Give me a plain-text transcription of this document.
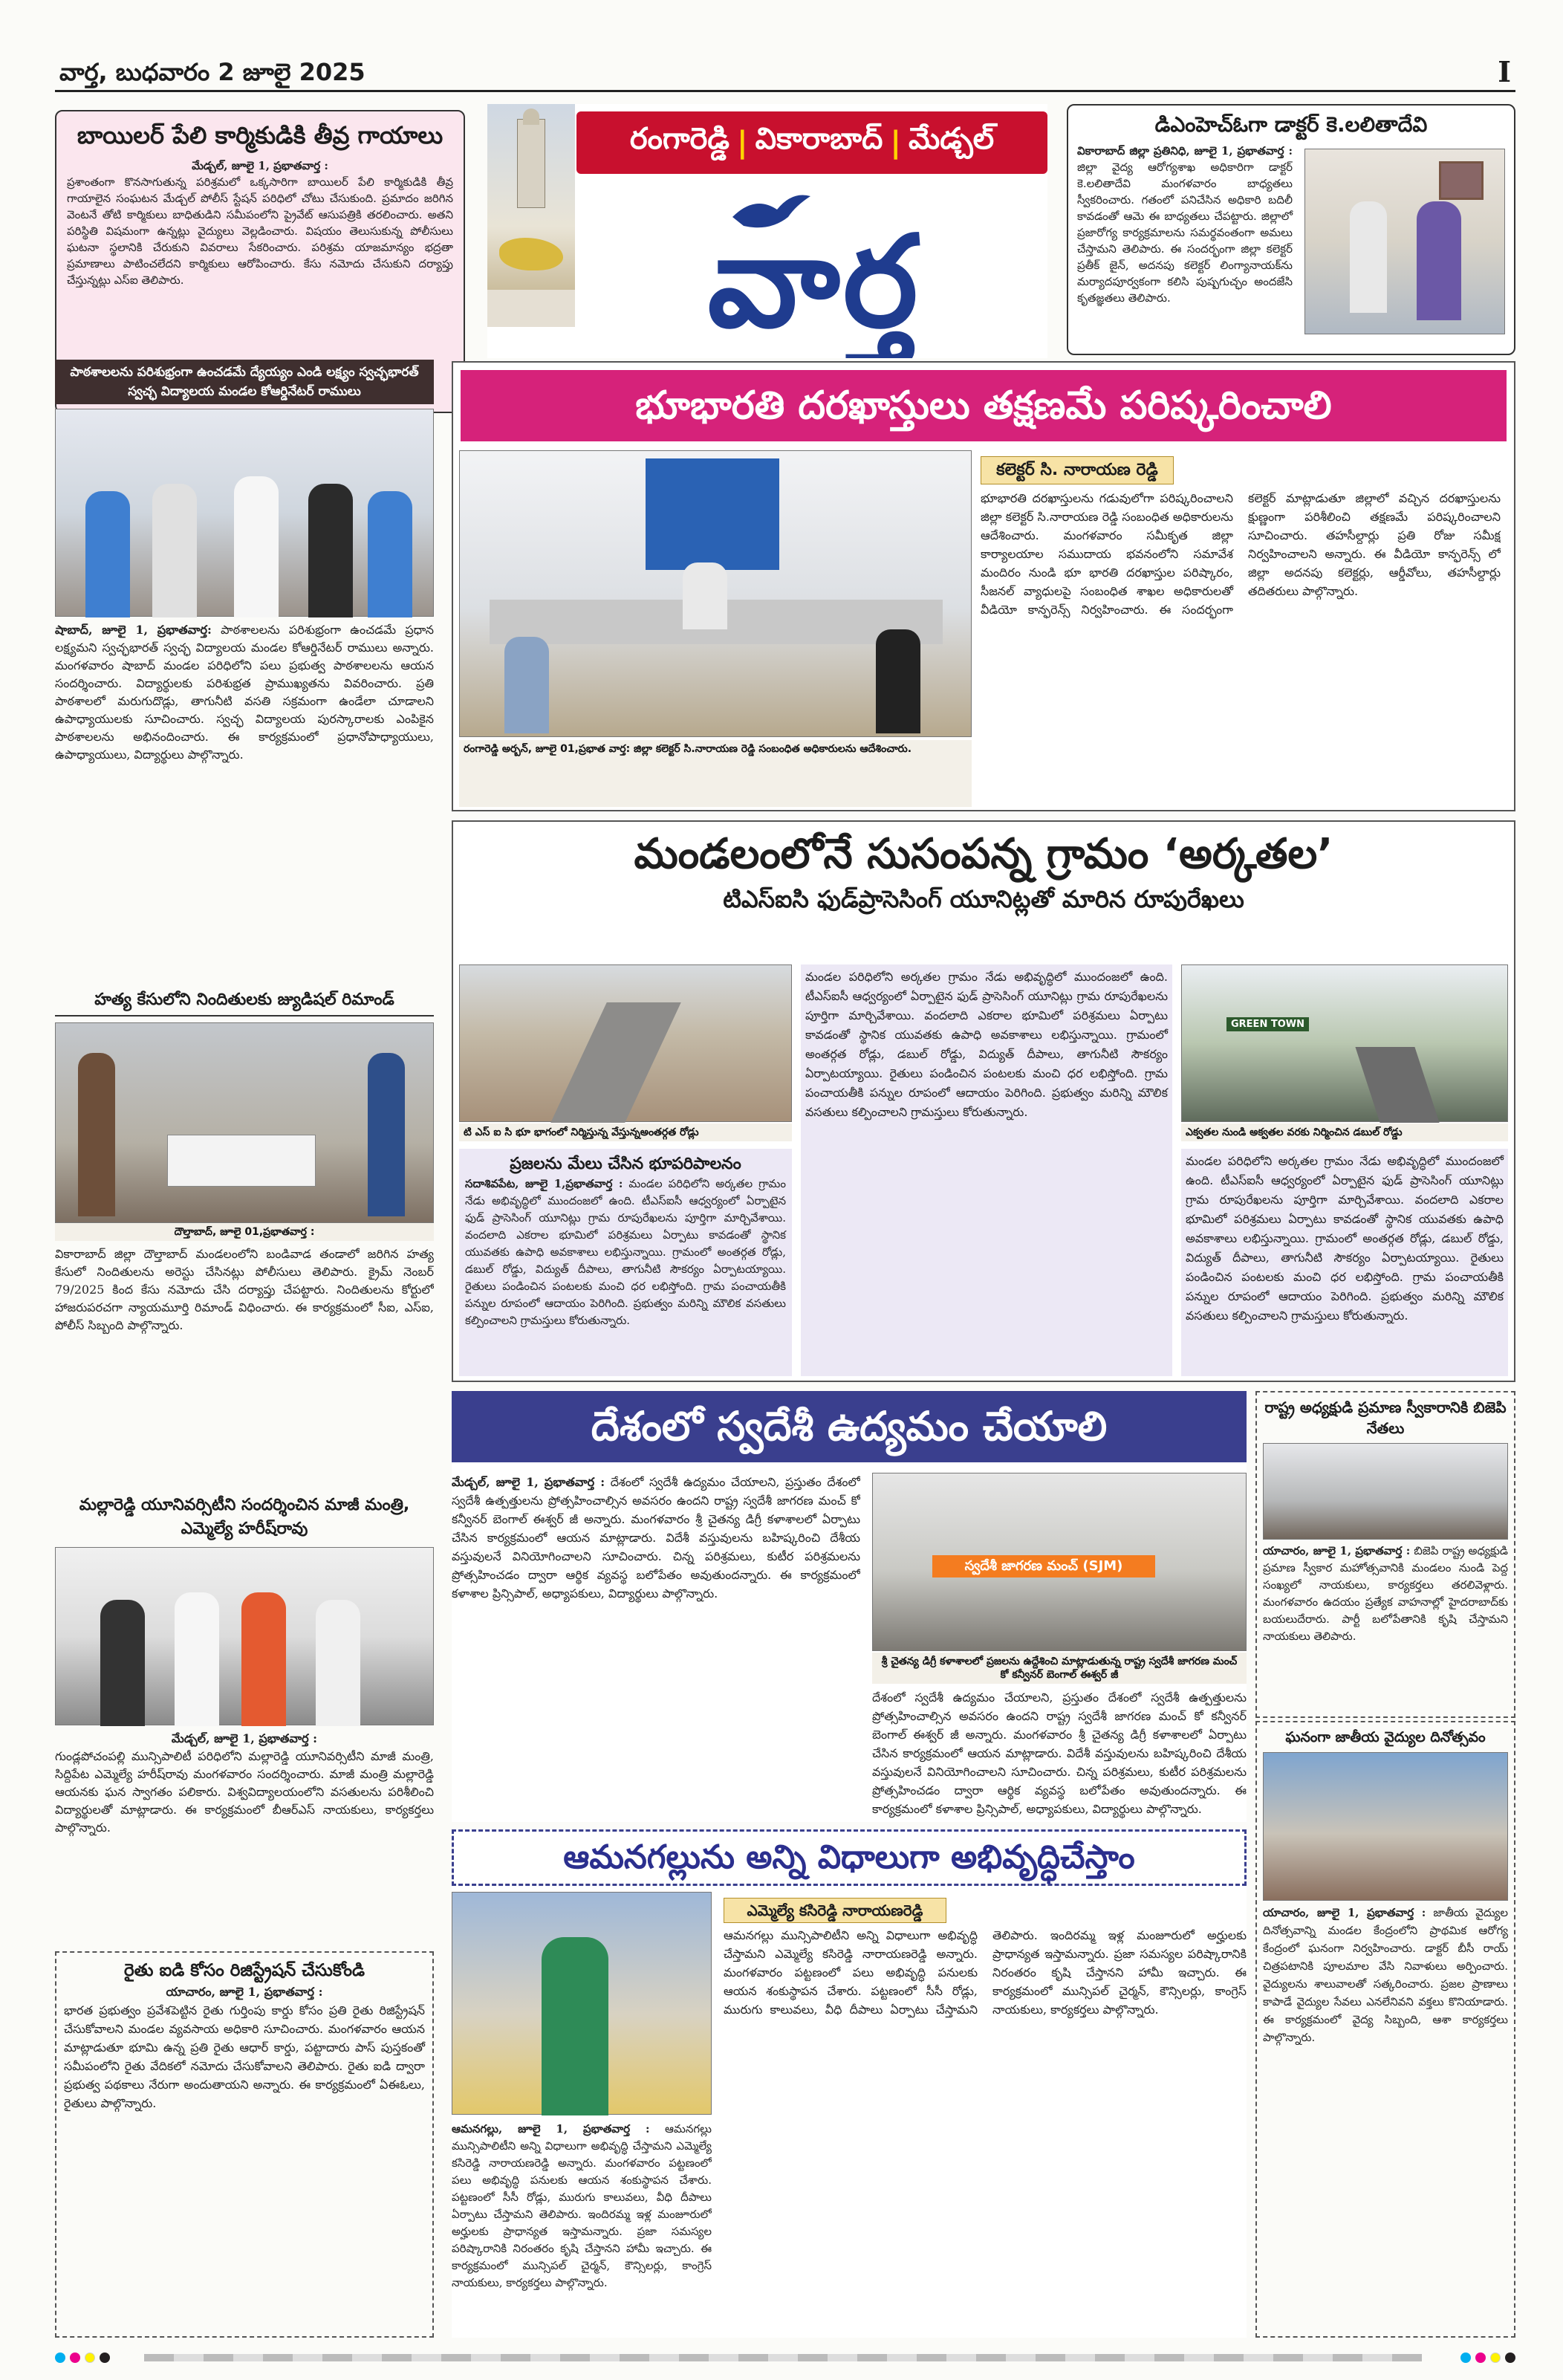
వార్త, బుధవారం 2 జూలై 2025	I
బాయిలర్ పేలి కార్మికుడికి తీవ్ర గాయాలు
మేడ్చల్, జూలై 1, ప్రభాతవార్త :
ప్రశాంతంగా కొనసాగుతున్న పరిశ్రమలో ఒక్కసారిగా బాయిలర్ పేలి కార్మికుడికి తీవ్ర గాయాలైన సంఘటన మేడ్చల్ పోలీస్ స్టేషన్ పరిధిలో చోటు చేసుకుంది. ప్రమాదం జరిగిన వెంటనే తోటి కార్మికులు బాధితుడిని సమీపంలోని ప్రైవేట్ ఆసుపత్రికి తరలించారు. అతని పరిస్థితి విషమంగా ఉన్నట్లు వైద్యులు వెల్లడించారు. విషయం తెలుసుకున్న పోలీసులు ఘటనా స్థలానికి చేరుకుని వివరాలు సేకరించారు. పరిశ్రమ యాజమాన్యం భద్రతా ప్రమాణాలు పాటించలేదని కార్మికులు ఆరోపించారు. కేసు నమోదు చేసుకుని దర్యాప్తు చేస్తున్నట్లు ఎస్ఐ తెలిపారు.
రంగారెడ్డి | వికారాబాద్ | మేడ్చల్
వార్త
డిఎంహెచ్ఓగా డాక్టర్ కె.లలితాదేవి
వికారాబాద్ జిల్లా ప్రతినిధి, జూలై 1, ప్రభాతవార్త : జిల్లా వైద్య ఆరోగ్యశాఖ అధికారిగా డాక్టర్ కె.లలితాదేవి మంగళవారం బాధ్యతలు స్వీకరించారు. గతంలో పనిచేసిన అధికారి బదిలీ కావడంతో ఆమె ఈ బాధ్యతలు చేపట్టారు. జిల్లాలో ప్రజారోగ్య కార్యక్రమాలను సమర్థవంతంగా అమలు చేస్తామని తెలిపారు. ఈ సందర్భంగా జిల్లా కలెక్టర్ ప్రతీక్ జైన్, అదనపు కలెక్టర్ లింగ్యానాయక్‌ను మర్యాదపూర్వకంగా కలిసి పుష్పగుచ్ఛం అందజేసి కృతజ్ఞతలు తెలిపారు.
పాఠశాలలను పరిశుభ్రంగా ఉంచడమే ద్యేయ్యం ఎండి లక్ష్యం స్వచ్ఛభారత్ స్వచ్ఛ విద్యాలయ మండల కోఆర్డినేటర్ రాములు
షాబాద్, జూలై 1, ప్రభాతవార్త: పాఠశాలలను పరిశుభ్రంగా ఉంచడమే ప్రధాన లక్ష్యమని స్వచ్ఛభారత్ స్వచ్ఛ విద్యాలయ మండల కోఆర్డినేటర్ రాములు అన్నారు. మంగళవారం షాబాద్ మండల పరిధిలోని పలు ప్రభుత్వ పాఠశాలలను ఆయన సందర్శించారు. విద్యార్థులకు పరిశుభ్రత ప్రాముఖ్యతను వివరించారు. ప్రతి పాఠశాలలో మరుగుదొడ్లు, తాగునీటి వసతి సక్రమంగా ఉండేలా చూడాలని ఉపాధ్యాయులకు సూచించారు. స్వచ్ఛ విద్యాలయ పురస్కారాలకు ఎంపికైన పాఠశాలలను అభినందించారు. ఈ కార్యక్రమంలో ప్రధానోపాధ్యాయులు, ఉపాధ్యాయులు, విద్యార్థులు పాల్గొన్నారు.
హత్య కేసులోని నిందితులకు జ్యుడిషల్ రిమాండ్
దౌల్తాబాద్, జూలై 01,ప్రభాతవార్త :
వికారాబాద్ జిల్లా దౌల్తాబాద్ మండలంలోని బండివాడ తండాలో జరిగిన హత్య కేసులో నిందితులను అరెస్టు చేసినట్లు పోలీసులు తెలిపారు. క్రైమ్ నెంబర్ 79/2025 కింద కేసు నమోదు చేసి దర్యాప్తు చేపట్టారు. నిందితులను కోర్టులో హాజరుపరచగా న్యాయమూర్తి రిమాండ్ విధించారు. ఈ కార్యక్రమంలో సీఐ, ఎస్ఐ, పోలీస్ సిబ్బంది పాల్గొన్నారు.
మల్లారెడ్డి యూనివర్సిటీని సందర్శించిన మాజీ మంత్రి, ఎమ్మెల్యే హరీష్‌రావు
మేడ్చల్, జూలై 1, ప్రభాతవార్త :
గుండ్లపోచంపల్లి మున్సిపాలిటీ పరిధిలోని మల్లారెడ్డి యూనివర్సిటీని మాజీ మంత్రి, సిద్దిపేట ఎమ్మెల్యే హరీష్‌రావు మంగళవారం సందర్శించారు. మాజీ మంత్రి మల్లారెడ్డి ఆయనకు ఘన స్వాగతం పలికారు. విశ్వవిద్యాలయంలోని వసతులను పరిశీలించి విద్యార్థులతో మాట్లాడారు. ఈ కార్యక్రమంలో బీఆర్ఎస్ నాయకులు, కార్యకర్తలు పాల్గొన్నారు.
రైతు ఐడి కోసం రిజిస్ట్రేషన్ చేసుకోండి
యాచారం, జూలై 1, ప్రభాతవార్త :
భారత ప్రభుత్వం ప్రవేశపెట్టిన రైతు గుర్తింపు కార్డు కోసం ప్రతి రైతు రిజిస్ట్రేషన్ చేసుకోవాలని మండల వ్యవసాయ అధికారి సూచించారు. మంగళవారం ఆయన మాట్లాడుతూ భూమి ఉన్న ప్రతి రైతు ఆధార్ కార్డు, పట్టాదారు పాస్ పుస్తకంతో సమీపంలోని రైతు వేదికలో నమోదు చేసుకోవాలని తెలిపారు. రైతు ఐడి ద్వారా ప్రభుత్వ పథకాలు నేరుగా అందుతాయని అన్నారు. ఈ కార్యక్రమంలో ఏఈఓలు, రైతులు పాల్గొన్నారు.
భూభారతి దరఖాస్తులు తక్షణమే పరిష్కరించాలి
రంగారెడ్డి అర్బన్, జూలై 01,ప్రభాత వార్త: జిల్లా కలెక్టర్ సి.నారాయణ రెడ్డి సంబంధిత అధికారులను ఆదేశించారు.
కలెక్టర్ సి. నారాయణ రెడ్డి
భూభారతి దరఖాస్తులను గడువులోగా పరిష్కరించాలని జిల్లా కలెక్టర్ సి.నారాయణ రెడ్డి సంబంధిత అధికారులను ఆదేశించారు. మంగళవారం సమీకృత జిల్లా కార్యాలయాల సముదాయ భవనంలోని సమావేశ మందిరం నుండి భూ భారతి దరఖాస్తుల పరిష్కారం, సీజనల్ వ్యాధులపై సంబంధిత శాఖల అధికారులతో వీడియో కాన్ఫరెన్స్ నిర్వహించారు. ఈ సందర్భంగా కలెక్టర్ మాట్లాడుతూ జిల్లాలో వచ్చిన దరఖాస్తులను క్షుణ్ణంగా పరిశీలించి తక్షణమే పరిష్కరించాలని సూచించారు. తహసీల్దార్లు ప్రతి రోజు సమీక్ష నిర్వహించాలని అన్నారు. ఈ వీడియో కాన్ఫరెన్స్ లో జిల్లా అదనపు కలెక్టర్లు, ఆర్డీవోలు, తహసీల్దార్లు తదితరులు పాల్గొన్నారు.
మండలంలోనే సుసంపన్న గ్రామం ‘అర్కతల’
టిఎస్ఐసి ఫుడ్‌ప్రాసెసింగ్ యూనిట్లతో మారిన రూపురేఖలు
టి ఎస్ ఐ సి భూ భాగంలో నిర్మిస్తున్న వేస్తున్నఅంతర్గత రోడ్లు
GREEN TOWN
ఎక్వతల నుండి అక్వతల వరకు నిర్మించిన డబుల్ రోడ్డు
ప్రజలను మేలు చేసిన భూపరిపాలనం
సదాశివపేట, జూలై 1,ప్రభాతవార్త : మండల పరిధిలోని అర్కతల గ్రామం నేడు అభివృద్ధిలో ముందంజలో ఉంది. టీఎస్ఐసీ ఆధ్వర్యంలో ఏర్పాటైన ఫుడ్ ప్రాసెసింగ్ యూనిట్లు గ్రామ రూపురేఖలను పూర్తిగా మార్చివేశాయి. వందలాది ఎకరాల భూమిలో పరిశ్రమలు ఏర్పాటు కావడంతో స్థానిక యువతకు ఉపాధి అవకాశాలు లభిస్తున్నాయి. గ్రామంలో అంతర్గత రోడ్లు, డబుల్ రోడ్డు, విద్యుత్ దీపాలు, తాగునీటి సౌకర్యం ఏర్పాటయ్యాయి. రైతులు పండించిన పంటలకు మంచి ధర లభిస్తోంది. గ్రామ పంచాయతీకి పన్నుల రూపంలో ఆదాయం పెరిగింది. ప్రభుత్వం మరిన్ని మౌలిక వసతులు కల్పించాలని గ్రామస్తులు కోరుతున్నారు.
మండల పరిధిలోని అర్కతల గ్రామం నేడు అభివృద్ధిలో ముందంజలో ఉంది. టీఎస్ఐసీ ఆధ్వర్యంలో ఏర్పాటైన ఫుడ్ ప్రాసెసింగ్ యూనిట్లు గ్రామ రూపురేఖలను పూర్తిగా మార్చివేశాయి. వందలాది ఎకరాల భూమిలో పరిశ్రమలు ఏర్పాటు కావడంతో స్థానిక యువతకు ఉపాధి అవకాశాలు లభిస్తున్నాయి. గ్రామంలో అంతర్గత రోడ్లు, డబుల్ రోడ్డు, విద్యుత్ దీపాలు, తాగునీటి సౌకర్యం ఏర్పాటయ్యాయి. రైతులు పండించిన పంటలకు మంచి ధర లభిస్తోంది. గ్రామ పంచాయతీకి పన్నుల రూపంలో ఆదాయం పెరిగింది. ప్రభుత్వం మరిన్ని మౌలిక వసతులు కల్పించాలని గ్రామస్తులు కోరుతున్నారు.
మండల పరిధిలోని అర్కతల గ్రామం నేడు అభివృద్ధిలో ముందంజలో ఉంది. టీఎస్ఐసీ ఆధ్వర్యంలో ఏర్పాటైన ఫుడ్ ప్రాసెసింగ్ యూనిట్లు గ్రామ రూపురేఖలను పూర్తిగా మార్చివేశాయి. వందలాది ఎకరాల భూమిలో పరిశ్రమలు ఏర్పాటు కావడంతో స్థానిక యువతకు ఉపాధి అవకాశాలు లభిస్తున్నాయి. గ్రామంలో అంతర్గత రోడ్లు, డబుల్ రోడ్డు, విద్యుత్ దీపాలు, తాగునీటి సౌకర్యం ఏర్పాటయ్యాయి. రైతులు పండించిన పంటలకు మంచి ధర లభిస్తోంది. గ్రామ పంచాయతీకి పన్నుల రూపంలో ఆదాయం పెరిగింది. ప్రభుత్వం మరిన్ని మౌలిక వసతులు కల్పించాలని గ్రామస్తులు కోరుతున్నారు.
దేశంలో స్వదేశీ ఉద్యమం చేయాలి
మేడ్చల్, జూలై 1, ప్రభాతవార్త : దేశంలో స్వదేశీ ఉద్యమం చేయాలని, ప్రస్తుతం దేశంలో స్వదేశీ ఉత్పత్తులను ప్రోత్సహించాల్సిన అవసరం ఉందని రాష్ట్ర స్వదేశీ జాగరణ మంచ్ కో కన్వీనర్ బెంగాల్ ఈశ్వర్ జీ అన్నారు. మంగళవారం శ్రీ చైతన్య డిగ్రీ కళాశాలలో ఏర్పాటు చేసిన కార్యక్రమంలో ఆయన మాట్లాడారు. విదేశీ వస్తువులను బహిష్కరించి దేశీయ వస్తువులనే వినియోగించాలని సూచించారు. చిన్న పరిశ్రమలు, కుటీర పరిశ్రమలను ప్రోత్సహించడం ద్వారా ఆర్థిక వ్యవస్థ బలోపేతం అవుతుందన్నారు. ఈ కార్యక్రమంలో కళాశాల ప్రిన్సిపాల్, అధ్యాపకులు, విద్యార్థులు పాల్గొన్నారు.
స్వదేశీ జాగరణ మంచ్ (SJM)
శ్రీ చైతన్య డిగ్రీ కళాశాలలో ప్రజలను ఉద్దేశించి మాట్లాడుతున్న రాష్ట్ర స్వదేశీ జాగరణ మంచ్ కో కన్వీనర్ బెంగాల్ ఈశ్వర్ జీ
దేశంలో స్వదేశీ ఉద్యమం చేయాలని, ప్రస్తుతం దేశంలో స్వదేశీ ఉత్పత్తులను ప్రోత్సహించాల్సిన అవసరం ఉందని రాష్ట్ర స్వదేశీ జాగరణ మంచ్ కో కన్వీనర్ బెంగాల్ ఈశ్వర్ జీ అన్నారు. మంగళవారం శ్రీ చైతన్య డిగ్రీ కళాశాలలో ఏర్పాటు చేసిన కార్యక్రమంలో ఆయన మాట్లాడారు. విదేశీ వస్తువులను బహిష్కరించి దేశీయ వస్తువులనే వినియోగించాలని సూచించారు. చిన్న పరిశ్రమలు, కుటీర పరిశ్రమలను ప్రోత్సహించడం ద్వారా ఆర్థిక వ్యవస్థ బలోపేతం అవుతుందన్నారు. ఈ కార్యక్రమంలో కళాశాల ప్రిన్సిపాల్, అధ్యాపకులు, విద్యార్థులు పాల్గొన్నారు.
రాష్ట్ర అధ్యక్షుడి ప్రమాణ స్వీకారానికి బిజెపి నేతలు
యాచారం, జూలై 1, ప్రభాతవార్త : బిజెపి రాష్ట్ర అధ్యక్షుడి ప్రమాణ స్వీకార మహోత్సవానికి మండలం నుండి పెద్ద సంఖ్యలో నాయకులు, కార్యకర్తలు తరలివెళ్లారు. మంగళవారం ఉదయం ప్రత్యేక వాహనాల్లో హైదరాబాద్‌కు బయలుదేరారు. పార్టీ బలోపేతానికి కృషి చేస్తామని నాయకులు తెలిపారు.
ఘనంగా జాతీయ వైద్యుల దినోత్సవం
యాచారం, జూలై 1, ప్రభాతవార్త : జాతీయ వైద్యుల దినోత్సవాన్ని మండల కేంద్రంలోని ప్రాథమిక ఆరోగ్య కేంద్రంలో ఘనంగా నిర్వహించారు. డాక్టర్ బీసీ రాయ్ చిత్రపటానికి పూలమాల వేసి నివాళులు అర్పించారు. వైద్యులను శాలువాలతో సత్కరించారు. ప్రజల ప్రాణాలు కాపాడే వైద్యుల సేవలు ఎనలేనివని వక్తలు కొనియాడారు. ఈ కార్యక్రమంలో వైద్య సిబ్బంది, ఆశా కార్యకర్తలు పాల్గొన్నారు.
ఆమనగల్లును అన్ని విధాలుగా అభివృద్ధిచేస్తాం
ఆమనగల్లు, జూలై 1, ప్రభాతవార్త : ఆమనగల్లు మున్సిపాలిటీని అన్ని విధాలుగా అభివృద్ధి చేస్తామని ఎమ్మెల్యే కసిరెడ్డి నారాయణరెడ్డి అన్నారు. మంగళవారం పట్టణంలో పలు అభివృద్ధి పనులకు ఆయన శంకుస్థాపన చేశారు. పట్టణంలో సీసీ రోడ్లు, మురుగు కాలువలు, వీధి దీపాలు ఏర్పాటు చేస్తామని తెలిపారు. ఇందిరమ్మ ఇళ్ల మంజూరులో అర్హులకు ప్రాధాన్యత ఇస్తామన్నారు. ప్రజా సమస్యల పరిష్కారానికి నిరంతరం కృషి చేస్తానని హామీ ఇచ్చారు. ఈ కార్యక్రమంలో మున్సిపల్ చైర్మన్, కౌన్సిలర్లు, కాంగ్రెస్ నాయకులు, కార్యకర్తలు పాల్గొన్నారు.
ఎమ్మెల్యే కసిరెడ్డి నారాయణరెడ్డి
ఆమనగల్లు మున్సిపాలిటీని అన్ని విధాలుగా అభివృద్ధి చేస్తామని ఎమ్మెల్యే కసిరెడ్డి నారాయణరెడ్డి అన్నారు. మంగళవారం పట్టణంలో పలు అభివృద్ధి పనులకు ఆయన శంకుస్థాపన చేశారు. పట్టణంలో సీసీ రోడ్లు, మురుగు కాలువలు, వీధి దీపాలు ఏర్పాటు చేస్తామని తెలిపారు. ఇందిరమ్మ ఇళ్ల మంజూరులో అర్హులకు ప్రాధాన్యత ఇస్తామన్నారు. ప్రజా సమస్యల పరిష్కారానికి నిరంతరం కృషి చేస్తానని హామీ ఇచ్చారు. ఈ కార్యక్రమంలో మున్సిపల్ చైర్మన్, కౌన్సిలర్లు, కాంగ్రెస్ నాయకులు, కార్యకర్తలు పాల్గొన్నారు.
